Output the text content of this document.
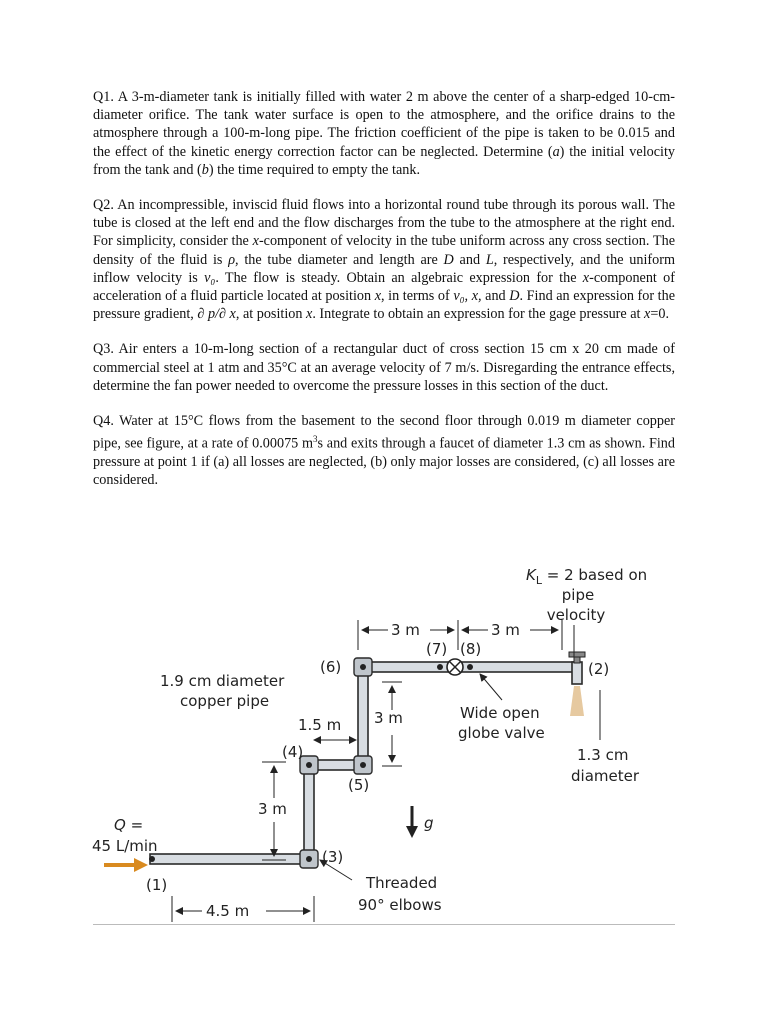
Q1. A 3-m-diameter tank is initially filled with water 2 m above the center of a sharp-edged 10-cm-diameter orifice. The tank water surface is open to the atmosphere, and the orifice drains to the atmosphere through a 100-m-long pipe. The friction coefficient of the pipe is taken to be 0.015 and the effect of the kinetic energy correction factor can be neglected. Determine (a) the initial velocity from the tank and (b) the time required to empty the tank.

Q2. An incompressible, inviscid fluid flows into a horizontal round tube through its porous wall. The tube is closed at the left end and the flow discharges from the tube to the atmosphere at the right end. For simplicity, consider the x-component of velocity in the tube uniform across any cross section. The density of the fluid is ρ, the tube diameter and length are D and L, respectively, and the uniform inflow velocity is v₀. The flow is steady. Obtain an algebraic expression for the x-component of acceleration of a fluid particle located at position x, in terms of v₀, x, and D. Find an expression for the pressure gradient, ∂ p/∂ x, at position x. Integrate to obtain an expression for the gage pressure at x=0.

Q3. Air enters a 10-m-long section of a rectangular duct of cross section 15 cm x 20 cm made of commercial steel at 1 atm and 35°C at an average velocity of 7 m/s. Disregarding the entrance effects, determine the fan power needed to overcome the pressure losses in this section of the duct.

Q4. Water at 15°C flows from the basement to the second floor through 0.019 m diameter copper pipe, see figure, at a rate of 0.00075 $m^3s$ and exits through a faucet of diameter 1.3 cm as shown. Find pressure at point 1 if (a) all losses are neglected, (b) only major losses are considered, (c) all losses are considered.

$K_L = 2$ based on
pipe
velocity
3 m	3 m
(7) (8)
(6)	(2)
1.9 cm diameter
copper pipe
3 m
1.5 m
(4)
(5)
Wide open
globe valve
1.3 cm
diameter
3 m
g
Q =
45 L/min
(1)
(3)
Threaded
90° elbows
4.5 m
